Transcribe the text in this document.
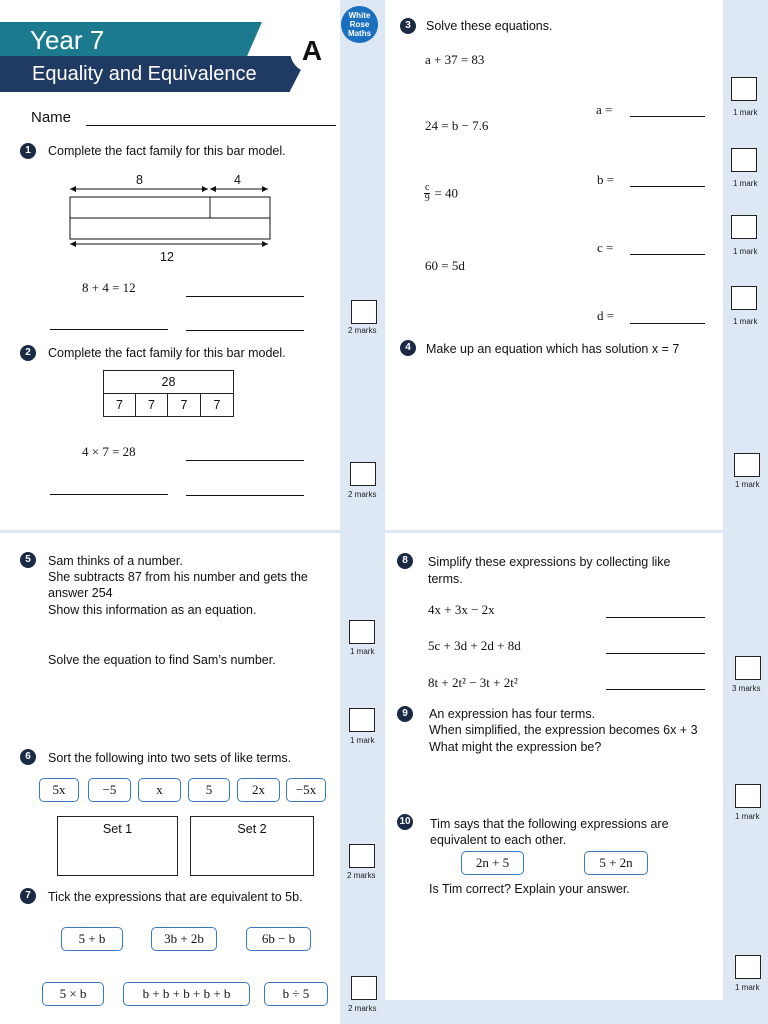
Year 7
Equality and Equivalence
A
White
Rose
Maths
Name
1	Complete the fact family for this bar model.
8	4
12
8 + 4 = 12
2 marks
2	Complete the fact family for this bar model.
28
7	7	7	7
4 × 7 = 28
2 marks
3	Solve these equations.
a + 37 = 83
a =	1 mark
24 = b − 7.6
b =	1 mark
$\frac{c}{9} = 40$
c =	1 mark
60 = 5d
d =	1 mark
4	Make up an equation which has solution x = 7
1 mark
5	Sam thinks of a number.
She subtracts 87 from his number and gets the
answer 254
Show this information as an equation.
1 mark
Solve the equation to find Sam’s number.
1 mark
6	Sort the following into two sets of like terms.
5x	−5	x	5	2x	−5x
Set 1	Set 2
2 marks
7	Tick the expressions that are equivalent to 5b.
5 + b	3b + 2b	6b − b
5 × b	b + b + b + b + b	b ÷ 5
2 marks
8	Simplify these expressions by collecting like
terms.
4x + 3x − 2x
5c + 3d + 2d + 8d
8t + 2t² − 3t + 2t²	3 marks
9	An expression has four terms.
When simplified, the expression becomes 6x + 3
What might the expression be?
1 mark
10 Tim says that the following expressions are
equivalent to each other.
2n + 5	5 + 2n
Is Tim correct? Explain your answer.
1 mark
